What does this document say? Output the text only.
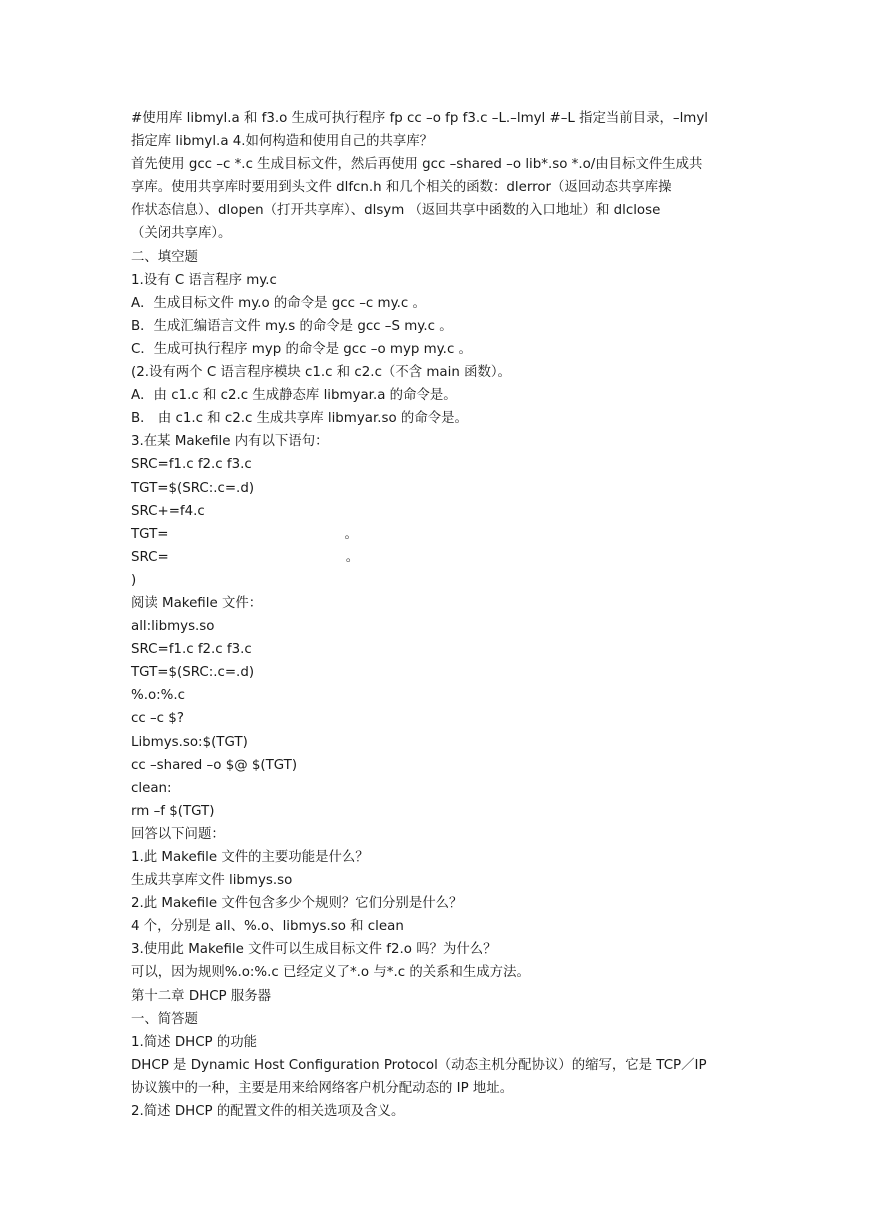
#使用库 libmyl.a 和 f3.o 生成可执行程序 fp cc –o fp f3.c –L.–lmyl #–L 指定当前目录，–lmyl
指定库 libmyl.a 4.如何构造和使用自己的共享库？
首先使用 gcc –c *.c 生成目标文件，然后再使用 gcc –shared –o lib*.so *.o/由目标文件生成共
享库。使用共享库时要用到头文件 dlfcn.h 和几个相关的函数：dlerror（返回动态共享库操
作状态信息）、dlopen（打开共享库）、dlsym （返回共享中函数的入口地址）和 dlclose
（关闭共享库）。
二、填空题
1.设有 C 语言程序 my.c
A．生成目标文件 my.o 的命令是 gcc –c my.c 。
B．生成汇编语言文件 my.s 的命令是 gcc –S my.c 。
C．生成可执行程序 myp 的命令是 gcc –o myp my.c 。
(2.设有两个 C 语言程序模块 c1.c 和 c2.c（不含 main 函数）。
A．由 c1.c 和 c2.c 生成静态库 libmyar.a 的命令是。
B． 由 c1.c 和 c2.c 生成共享库 libmyar.so 的命令是。
3.在某 Makefile 内有以下语句：
SRC=f1.c f2.c f3.c
TGT=$(SRC:.c=.d)
SRC+=f4.c
TGT=	。
SRC=	。
)
阅读 Makefile 文件：
all:libmys.so
SRC=f1.c f2.c f3.c
TGT=$(SRC:.c=.d)
%.o:%.c
cc –c $?
Libmys.so:$(TGT)
cc –shared –o $@ $(TGT)
clean:
rm –f $(TGT)
回答以下问题：
1.此 Makefile 文件的主要功能是什么？
生成共享库文件 libmys.so
2.此 Makefile 文件包含多少个规则？它们分别是什么？
4 个，分别是 all、%.o、libmys.so 和 clean
3.使用此 Makefile 文件可以生成目标文件 f2.o 吗？为什么？
可以，因为规则%.o:%.c 已经定义了*.o 与*.c 的关系和生成方法。
第十二章 DHCP 服务器
一、简答题
1.简述 DHCP 的功能
DHCP 是 Dynamic Host Configuration Protocol（动态主机分配协议）的缩写，它是 TCP／IP
协议簇中的一种，主要是用来给网络客户机分配动态的 IP 地址。
2.简述 DHCP 的配置文件的相关选项及含义。
